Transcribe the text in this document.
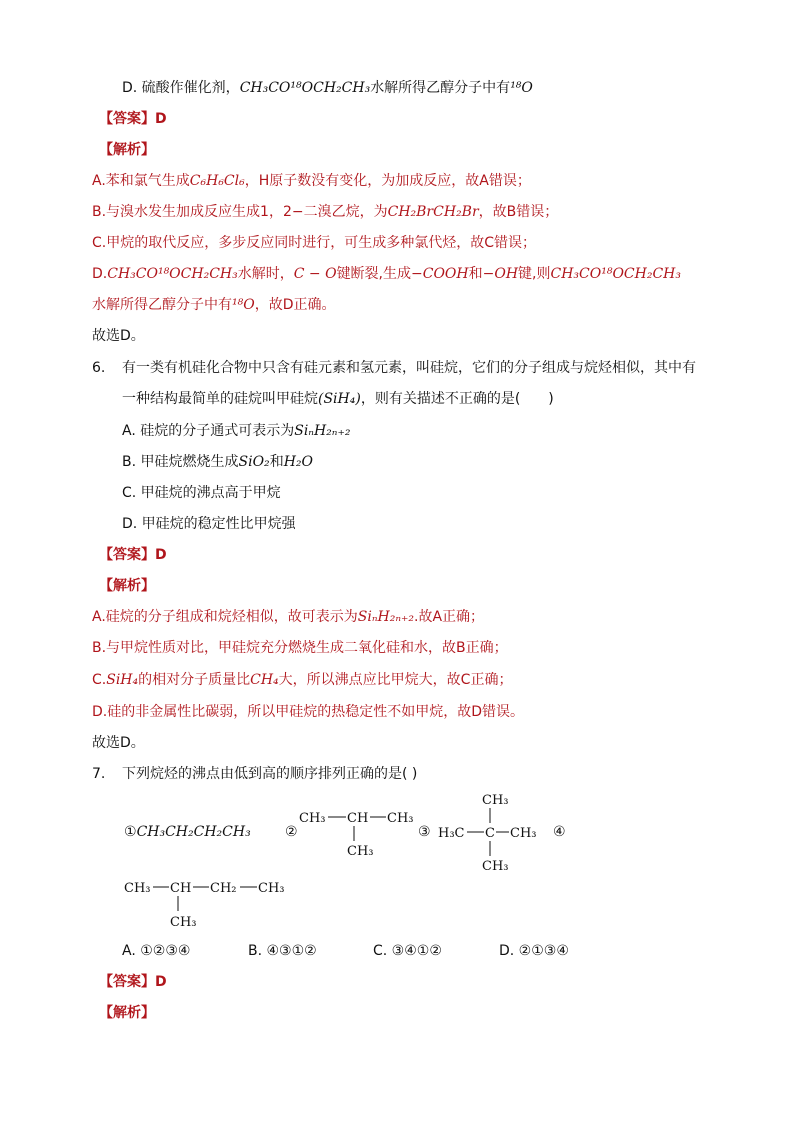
D. 硫酸作催化剂，CH₃CO¹⁸OCH₂CH₃水解所得乙醇分子中有¹⁸O
【答案】D
【解析】
A.苯和氯气生成C₆H₆Cl₆，H原子数没有变化，为加成反应，故A错误；
B.与溴水发生加成反应生成1，2−二溴乙烷，为CH₂BrCH₂Br，故B错误；
C.甲烷的取代反应，多步反应同时进行，可生成多种氯代烃，故C错误；
D.CH₃CO¹⁸OCH₂CH₃水解时，C − O键断裂,生成−COOH和−OH键,则CH₃CO¹⁸OCH₂CH₃
水解所得乙醇分子中有¹⁸O，故D正确。
故选D。
6. 有一类有机硅化合物中只含有硅元素和氢元素，叫硅烷，它们的分子组成与烷烃相似，其中有
一种结构最简单的硅烷叫甲硅烷(SiH₄)，则有关描述不正确的是(　　)
A. 硅烷的分子通式可表示为SiₙH₂ₙ₊₂
B. 甲硅烷燃烧生成SiO₂和H₂O
C. 甲硅烷的沸点高于甲烷
D. 甲硅烷的稳定性比甲烷强
【答案】D
【解析】
A.硅烷的分子组成和烷烃相似，故可表示为SiₙH₂ₙ₊₂.故A正确；
B.与甲烷性质对比，甲硅烷充分燃烧生成二氧化硅和水，故B正确；
C.SiH₄的相对分子质量比CH₄大，所以沸点应比甲烷大，故C正确；
D.硅的非金属性比碳弱，所以甲硅烷的热稳定性不如甲烷，故D错误。
故选D。
7. 下列烷烃的沸点由低到高的顺序排列正确的是( )
①CH₃CH₂CH₂CH₃ ②	③	④
CH₃ CH CH₃
CH₃
CH₃
H₃C C CH₃
CH₃
CH₃ CH CH₂ CH₃
CH₃
A. ①②③④	B. ④③①②	C. ③④①②	D. ②①③④
【答案】D
【解析】
